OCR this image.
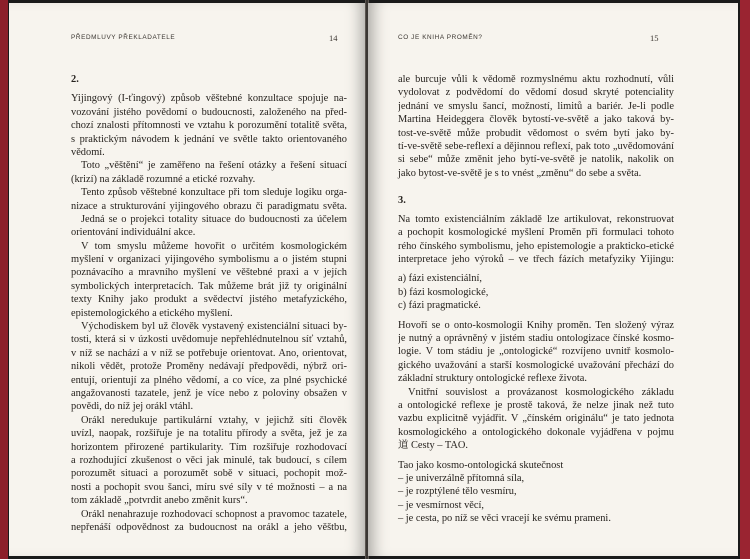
PŘEDMLUVY PŘEKLADATELE	14
2.
Yijingový (I-ťingový) způsob věštebné konzultace spojuje na-
vozování jistého povědomí o budoucnosti, založeného na před-
chozí znalosti přítomnosti ve vztahu k porozumění totalitě světa,
s praktickým návodem k jednání ve světle takto orientovaného
vědomí.
Toto „věštění“ je zaměřeno na řešení otázky a řešení situací
(krizí) na základě rozumné a etické rozvahy.
Tento způsob věštebné konzultace při tom sleduje logiku orga-
nizace a strukturování yijingového obrazu či paradigmatu světa.
Jedná se o projekci totality situace do budoucnosti za účelem
orientování individuální akce.
V tom smyslu můžeme hovořit o určitém kosmologickém
myšlení v organizaci yijingového symbolismu a o jistém stupni
poznávacího a mravního myšlení ve věštebné praxi a v jejích
symbolických interpretacích. Tak můžeme brát již ty originální
texty Knihy jako produkt a svědectví jistého metafyzického,
epistemologického a etického myšlení.
Východiskem byl už člověk vystavený existenciální situaci by-
tosti, která si v úzkosti uvědomuje nepřehlédnutelnou síť vztahů,
v níž se nachází a v níž se potřebuje orientovat. Ano, orientovat,
nikoli vědět, protože Proměny nedávají předpovědi, nýbrž ori-
entují, orientují za plného vědomí, a co více, za plné psychické
angažovanosti tazatele, jenž je více nebo z poloviny obsažen v
povědi, do níž jej orákl vtáhl.
Orákl neredukuje partikulární vztahy, v jejichž síti člověk
uvízl, naopak, rozšiřuje je na totalitu přírody a světa, jež je za
horizontem přirozené partikularity. Tím rozšiřuje rozhodovací
a rozhodující zkušenost o věci jak minulé, tak budoucí, s cílem
porozumět situaci a porozumět sobě v situaci, pochopit mož-
nosti a pochopit svou šanci, míru své síly v té možnosti – a na
tom základě „potvrdit anebo změnit kurs“.
Orákl nenahrazuje rozhodovací schopnost a pravomoc tazatele,
nepřenáší odpovědnost za budoucnost na orákl a jeho věštbu,
CO JE KNIHA PROMĚN?	15
ale burcuje vůli k vědomě rozmyslnému aktu rozhodnutí, vůli
vydolovat z podvědomí do vědomí dosud skryté potenciality
jednání ve smyslu šancí, možností, limitů a bariér. Je-li podle
Martina Heideggera člověk bytostí-ve-světě a jako taková by-
tost-ve-světě může probudit vědomost o svém bytí jako by-
tí-ve-světě sebe-reflexí a dějinnou reflexí, pak toto „uvědomování
si sebe“ může změnit jeho bytí-ve-světě je natolik, nakolik on
jako bytost-ve-světě je s to vnést „změnu“ do sebe a světa.
3.
Na tomto existenciálním základě lze artikulovat, rekonstruovat
a pochopit kosmologické myšlení Proměn při formulaci tohoto
rého čínského symbolismu, jeho epistemologie a prakticko-etické
interpretace jeho výroků – ve třech fázích metafyziky Yijingu:
a) fázi existenciální,
b) fázi kosmologické,
c) fázi pragmatické.
Hovoří se o onto-kosmologii Knihy proměn. Ten složený výraz
je nutný a oprávněný v jistém stadiu ontologizace čínské kosmo-
logie. V tom stádiu je „ontologické“ rozvíjeno uvnitř kosmolo-
gického uvažování a starší kosmologické uvažování přechází do
základní struktury ontologické reflexe života.
Vnitřní souvislost a provázanost kosmologického základu
a ontologické reflexe je prostě taková, že nelze jinak než tuto
vazbu explicitně vyjádřit. V „čínském originálu“ je tato jednota
kosmologického a ontologického dokonale vyjádřena v pojmu
道 Cesty – TAO.
Tao jako kosmo-ontologická skutečnost
– je univerzálně přítomná síla,
– je rozptýlené tělo vesmíru,
– je vesmírnost věcí,
– je cesta, po níž se věci vracejí ke svému prameni.
